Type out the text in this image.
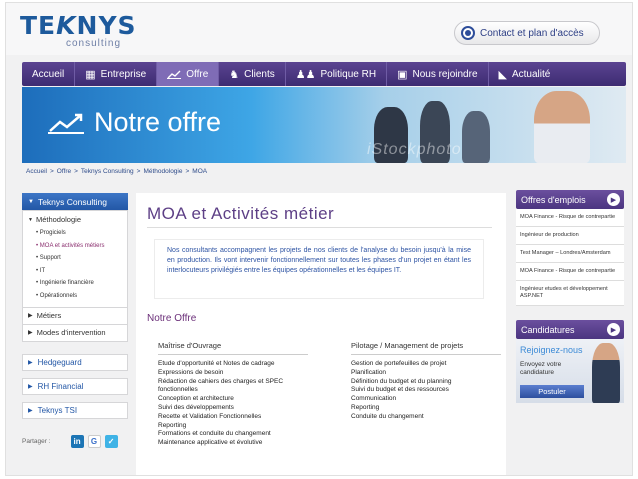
TEKNYS
consulting
Contact et plan d'accès
Accueil ▦ Entreprise	Offre ♞ Clients ♟♟ Politique RH ▣ Nous rejoindre ◣ Actualité
Notre offre
iStockphoto
Accueil > Offre > Teknys Consulting > Méthodologie > MOA
▼ Teknys Consulting
▼ Méthodologie
• Progiciels
• MOA et activités métiers
• Support
• IT
• Ingénierie financière
• Opérationnels
▶ Métiers
▶ Modes d'intervention
▶ Hedgeguard
▶ RH Financial
▶ Teknys TSI
Partager :	in	G	✓
MOA et Activités métier
Nos consultants accompagnent les projets de nos clients de l'analyse du besoin jusqu'à la mise en production. Ils vont intervenir fonctionnellement sur toutes les phases d'un projet en étant les interlocuteurs privilégiés entre les équipes opérationnelles et les équipes IT.
Notre Offre
Maîtrise d'Ouvrage
Etude d'opportunité et Notes de cadrage
Expressions de besoin
Rédaction de cahiers des charges et SPEC
fonctionnelles
Conception et architecture
Suivi des développements
Recette et Validation Fonctionnelles
Reporting
Formations et conduite du changement
Maintenance applicative et évolutive
Pilotage / Management de projets
Gestion de portefeuilles de projet
Planification
Définition du budget et du planning
Suivi du budget et des ressources
Communication
Reporting
Conduite du changement
Offres d'emplois	▶
MOA Finance - Risque de contrepartie
Ingénieur de production
Test Manager – Londres/Amsterdam
MOA Finance - Risque de contrepartie
Ingénieur etudes et développement ASP.NET
Candidatures	▶
Rejoignez-nous
Envoyez votre candidature
Postuler
